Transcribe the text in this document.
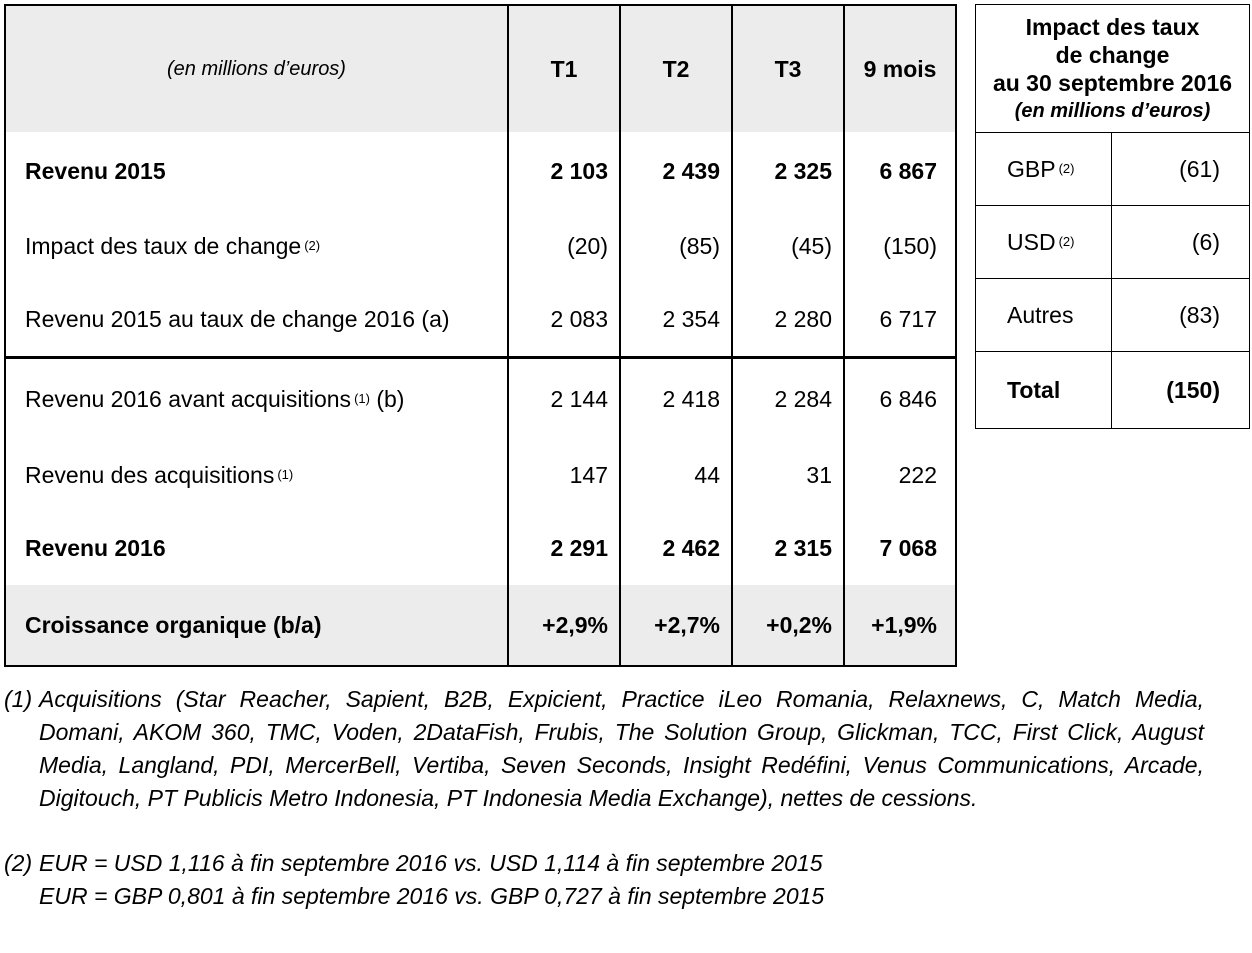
(en millions d’euros)	T1	T2	T3	9 mois
Revenu 2015	2 103	2 439	2 325	6 867
Impact des taux de change $^{(2)}$	(20)	(85)	(45)	(150)
Revenu 2015 au taux de change 2016 (a)	2 083	2 354	2 280	6 717
Revenu 2016 avant acquisitions $^{(1)}$ (b)	2 144	2 418	2 284	6 846
Revenu des acquisitions $^{(1)}$	147	44	31	222
Revenu 2016	2 291	2 462	2 315	7 068
Croissance organique (b/a)	+2,9%	+2,7%	+0,2%	+1,9%
Impact des taux
de change
au 30 septembre 2016
(en millions d’euros)	

GBP $^{(2)}$	(61)
USD $^{(2)}$	(6)
Autres	(83)
Total	(150)
(1) Acquisitions (Star Reacher, Sapient, B2B, Expicient, Practice iLeo Romania, Relaxnews, C, Match Media, Domani, AKOM 360, TMC, Voden, 2DataFish, Frubis, The Solution Group, Glickman, TCC, First Click, August Media, Langland, PDI, MercerBell, Vertiba, Seven Seconds, Insight Redéfini, Venus Communications, Arcade, Digitouch, PT Publicis Metro Indonesia, PT Indonesia Media Exchange), nettes de cessions.
(2) EUR = USD 1,116 à fin septembre 2016 vs. USD 1,114 à fin septembre 2015
EUR = GBP 0,801 à fin septembre 2016 vs. GBP 0,727 à fin septembre 2015
